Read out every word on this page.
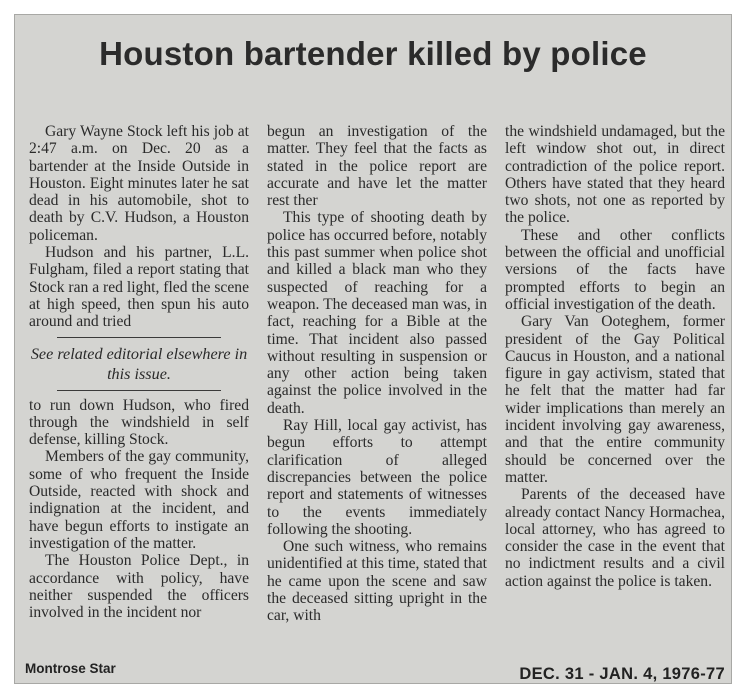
Houston bartender killed by police

Gary Wayne Stock left his job at 2:47 a.m. on Dec. 20 as a bartender at the Inside Outside in Houston. Eight minutes later he sat dead in his automobile, shot to death by C.V. Hudson, a Houston policeman.

Hudson and his partner, L.L. Fulgham, filed a report stating that Stock ran a red light, fled the scene at high speed, then spun his auto around and tried

See related editorial elsewhere in this issue.

to run down Hudson, who fired through the windshield in self defense, killing Stock.

Members of the gay community, some of who frequent the Inside Outside, reacted with shock and indignation at the incident, and have begun efforts to instigate an investigation of the matter.

The Houston Police Dept., in accordance with policy, have neither suspended the officers involved in the incident nor

begun an investigation of the matter. They feel that the facts as stated in the police report are accurate and have let the matter rest ther

This type of shooting death by police has occurred before, notably this past summer when police shot and killed a black man who they suspected of reaching for a weapon. The deceased man was, in fact, reaching for a Bible at the time. That incident also passed without resulting in suspension or any other action being taken against the police involved in the death.

Ray Hill, local gay activist, has begun efforts to attempt clarification of alleged discrepancies between the police report and statements of witnesses to the events immediately following the shooting.

One such witness, who remains unidentified at this time, stated that he came upon the scene and saw the deceased sitting upright in the car, with

the windshield undamaged, but the left window shot out, in direct contradiction of the police report. Others have stated that they heard two shots, not one as reported by the police.

These and other conflicts between the official and unofficial versions of the facts have prompted efforts to begin an official investigation of the death.

Gary Van Ooteghem, former president of the Gay Political Caucus in Houston, and a national figure in gay activism, stated that he felt that the matter had far wider implications than merely an incident involving gay awareness, and that the entire community should be concerned over the matter.

Parents of the deceased have already contact Nancy Hormachea, local attorney, who has agreed to consider the case in the event that no indictment results and a civil action against the police is taken.

Montrose Star	DEC. 31 - JAN. 4, 1976-77
